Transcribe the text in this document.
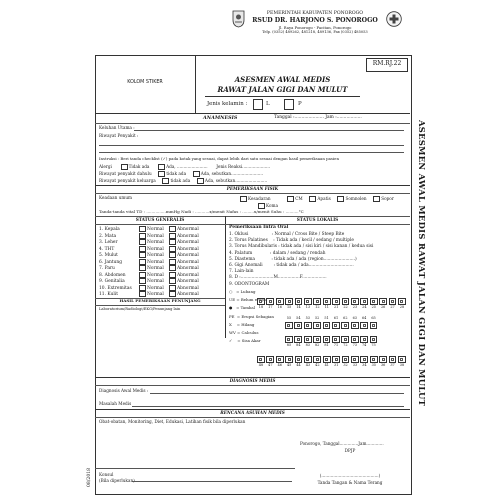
PEMERINTAH KABUPATEN PONOROGO
RSUD DR. HARJONO S. PONOROGO
Jl. Raya Ponorogo - Pacitan, Ponorogo
Telp. (0352) 489262, 481218, 489136, Fax (0352) 485053
KOLOM STIKER
RM.RJ.22
ASESMEN AWAL MEDIS
RAWAT JALAN GIGI DAN MULUT
Jenis kelamin :	L	P
ANAMNESIS	Tanggal :..................... Jam :..................
Keluhan Utama :
Riwayat Penyakit :
Instruksi : Beri tanda checklist (✓) pada kotak yang sesuai, dapat lebih dari satu sesuai dengan hasil pemeriksaan pasien
Alergi	Tidak ada	Ada, ....................... Jenis Reaksi.....................
Riwayat penyakit dahulu	tidak ada	Ada, sebutkan........................
Riwayat penyakit keluarga	tidak ada	Ada, sebutkan........................
PEMERIKSAAN FISIK
Keadaan umum	Kesadaran	CM	Apatis	Somnolen	Sopor
Koma
Tanda-tanda vital TD : ...............mmHg Nadi : ...........x/menit Nafas : .........x/menit Suhu : ..........°C
STATUS GENERALIS	STATUS LOKALIS
1. Kepala	Normal	Abnormal
2. Mata	Normal	Abnormal
3. Leher	Normal	Abnormal
4. THT	Normal	Abnormal
5. Mulut	Normal	Abnormal
6. Jantung	Normal	Abnormal
7. Paru	Normal	Abnormal
8. Abdomen	Normal	Abnormal
9. Genitalia	Normal	Abnormal
10. Extremitas	Normal	Abnormal
11. Kulit	Normal	Abnormal
HASIL PEMERIKSAAN PENUNJANG
Laboratorium/Radiologi/EKG/Penunjang lain
Pemeriksaan Intra Oral
1. Oklusi                 : Normal / Cross Bite / Steep Bite
2. Torus Palatines    : Tidak ada / kecil / sedang / multiple
3. Torus Mandibularis : tidak ada / sisi kiri / sisi kanan / kedua sisi
4. Palatum             : dalam / sedang / rendah
5. Diastema            : tidak ada / ada (region.......................)
6. Gigi Anomali        : tidak ada / ada.................................
7. Lain-lain
8. D :........................M................F..................
9. ODONTOGRAM
○   = Lubang
UE = Belum erupsi
●   = Tambal
PE  = Erupsi Sebagian
X    = Hilang
WV = Calculus
✓    = Sisa Akar
18	17	16	15	14	13	12	11	21	22	23	24	25	26	27	28
55	54	53	52	51	61	62	63	64	65
85	84	83	82	81	71	72	73	74	75
48	47	46	45	44	43	42	41	31	32	33	34	35	36	37	38
DIAGNOSIS MEDIS
Diagnosis Awal Medis :
Masalah Medis
RENCANA ASUHAN MEDIS
Obat-obatan, Monitoring, Diet, Edukasi, Latihan fisik bila diperlukan
Ponorogo, Tanggal..............Jam.............
DPJP
(...........................................)
Tanda Tangan & Nama Terang
Konsul
(Bila diperlukan)
ASESMEN AWAL MEDIS RAWAT JALAN GIGI DAN MULUT
08/2018
